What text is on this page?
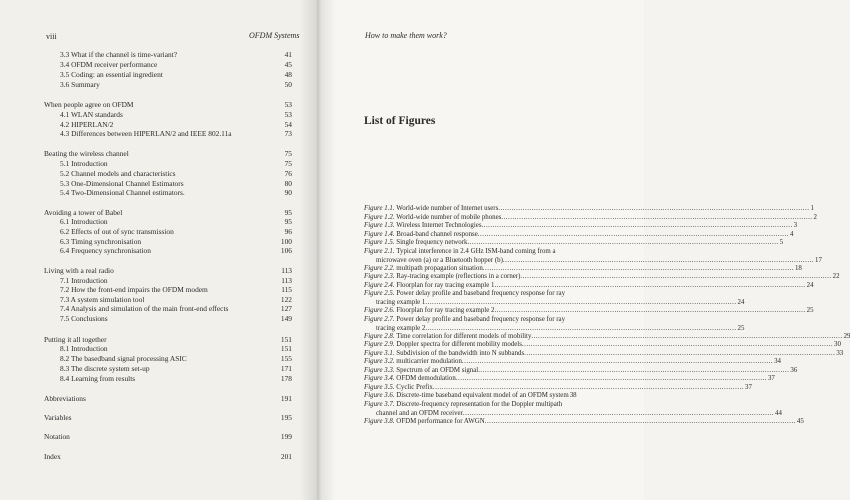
viii	OFDM Systems	How to make them work?
3.3 What if the channel is time-variant?	41
3.4 OFDM receiver performance	45
3.5 Coding: an essential ingredient	48
3.6 Summary	50
When people agree on OFDM	53
4.1 WLAN standards	53
4.2 HIPERLAN/2	54
4.3 Differences between HIPERLAN/2 and IEEE 802.11a	73
Beating the wireless channel	75
5.1 Introduction	75
5.2 Channel models and characteristics	76
5.3 One-Dimensional Channel Estimators	80
5.4 Two-Dimensional Channel estimators.	90
Avoiding a tower of Babel	95
6.1 Introduction	95
6.2 Effects of out of sync transmission	96
6.3 Timing synchronisation	100
6.4 Frequency synchronisation	106
Living with a real radio	113
7.1 Introduction	113
7.2 How the front-end impairs the OFDM modem	115
7.3 A system simulation tool	122
7.4 Analysis and simulation of the main front-end effects	127
7.5 Conclusions	149
Putting it all together	151
8.1 Introduction	151
8.2 The basedband signal processing ASIC	155
8.3 The discrete system set-up	171
8.4 Learning from results	178
Abbreviations	191
Variables	195
Notation	199
Index	201
List of Figures
Figure 1.1. World-wide number of Internet users .....	1
Figure 1.2. World-wide number of mobile phones .....	2
Figure 1.3. Wireless Internet Technologies .....	3
Figure 1.4. Broad-band channel response .....	4
Figure 1.5. Single frequency network .....	5
Figure 2.1. Typical interference in 2.4 GHz ISM-band coming from a
microwave oven (a) or a Bluetooth hopper (b) .....	17
Figure 2.2. multipath propagation situation .....	18
Figure 2.3. Ray-tracing example (reflections in a corner) .....	22
Figure 2.4. Floorplan for ray tracing example 1 .....	24
Figure 2.5. Power delay profile and baseband frequency response for ray
tracing example 1 .....	24
Figure 2.6. Floorplan for ray tracing example 2 .....	25
Figure 2.7. Power delay profile and baseband frequency response for ray
tracing example 2 .....	25
Figure 2.8. Time correlation for different models of mobility .....	29
Figure 2.9. Doppler spectra for different mobility models .....	30
Figure 3.1. Subdivision of the bandwidth into N subbands .....	33
Figure 3.2. multicarrier modulation .....	34
Figure 3.3. Spectrum of an OFDM signal .....	36
Figure 3.4. OFDM demodulation .....	37
Figure 3.5. Cyclic Prefix .....	37
Figure 3.6. Discrete-time baseband equivalent model of an OFDM system 38
Figure 3.7. Discrete-frequency representation for the Doppler multipath
channel and an OFDM receiver .....	44
Figure 3.8. OFDM performance for AWGN .....	45
